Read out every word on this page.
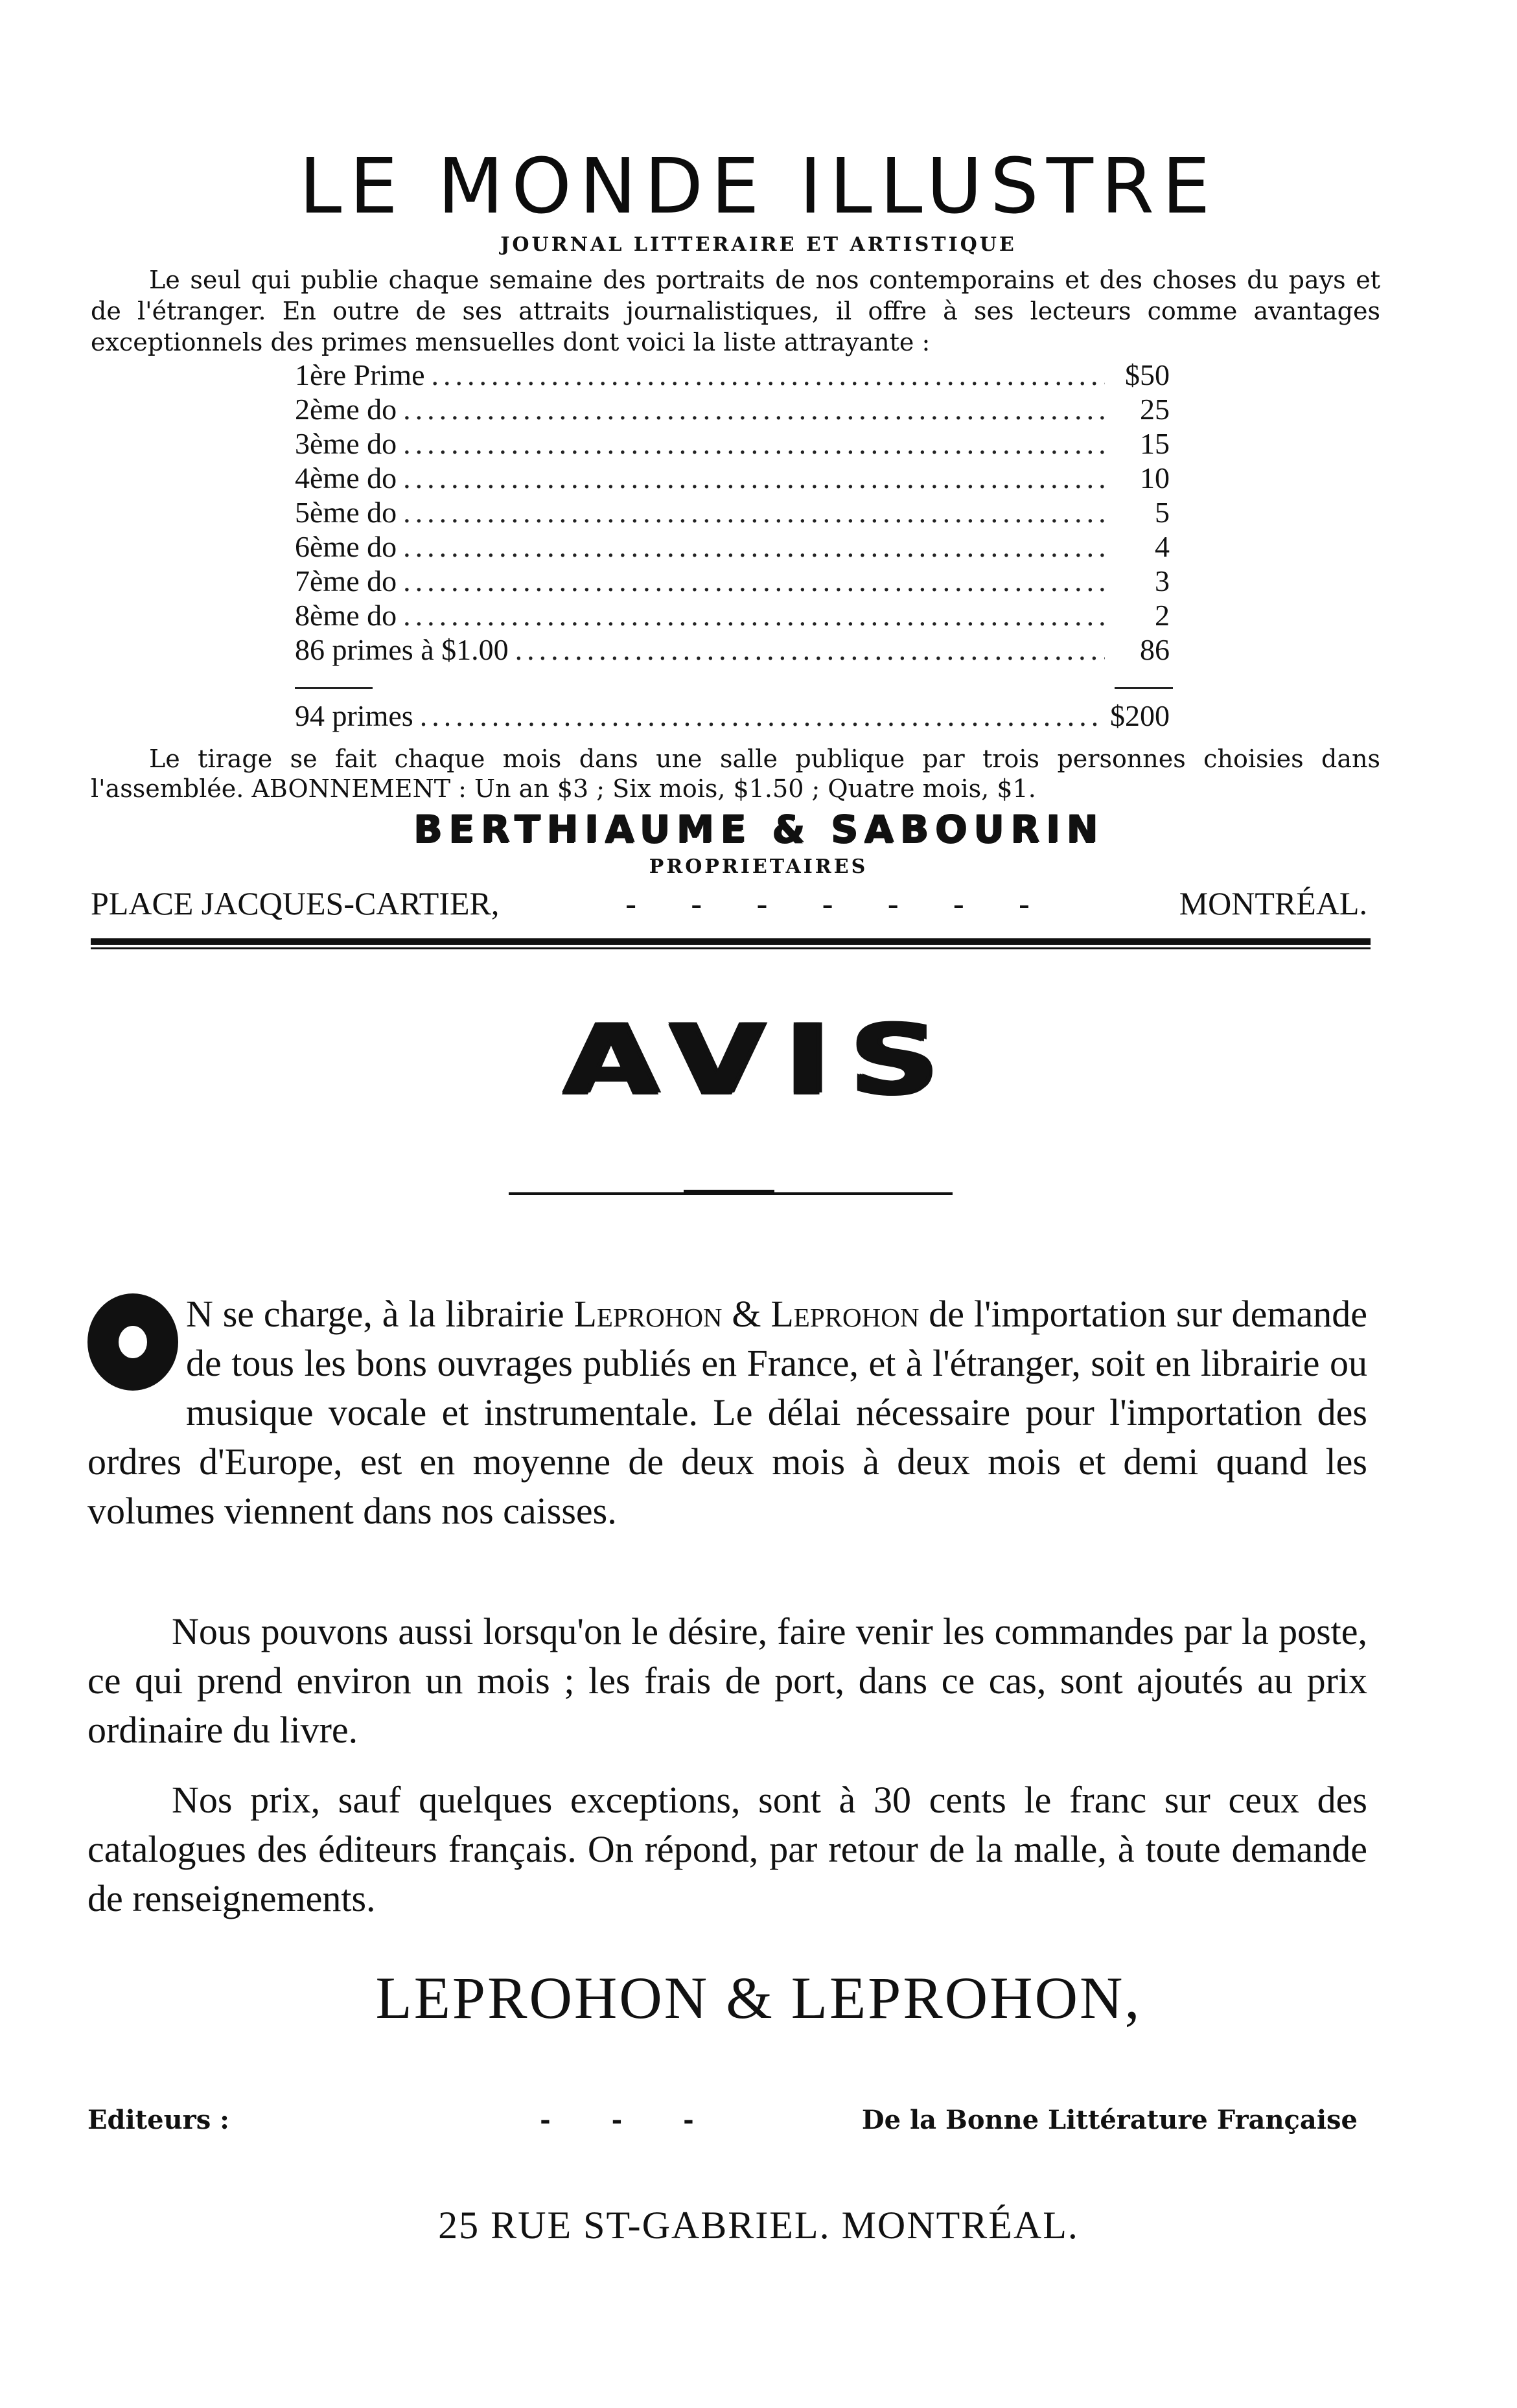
LE MONDE ILLUSTRE
JOURNAL LITTERAIRE ET ARTISTIQUE
Le seul qui publie chaque semaine des portraits de nos contemporains et des choses du pays et de l'étranger. En outre de ses attraits journalistiques, il offre à ses lecteurs comme avantages exceptionnels des primes mensuelles dont voici la liste attrayante :
1ère Prime .....	$50
2ème do .....	25
3ème do .....	15
4ème do .....	10
5ème do .....	5
6ème do .....	4
7ème do .....	3
8ème do .....	2
86 primes à $1.00 .....	86
94 primes .....	$200
Le tirage se fait chaque mois dans une salle publique par trois personnes choisies dans l'assemblée. ABONNEMENT : Un an $3 ; Six mois, $1.50 ; Quatre mois, $1.
BERTHIAUME & SABOURIN
PROPRIETAIRES
PLACE JACQUES-CARTIER,	- - - - - - -	MONTRÉAL.
AVIS
N se charge, à la librairie Leprohon & Leprohon de l'importation sur demande de tous les bons ouvrages publiés en France, et à l'étranger, soit en librairie ou musique vocale et instrumentale. Le délai nécessaire pour l'importation des ordres d'Europe, est en moyenne de deux mois à deux mois et demi quand les volumes viennent dans nos caisses.
Nous pouvons aussi lorsqu'on le désire, faire venir les commandes par la poste, ce qui prend environ un mois ; les frais de port, dans ce cas, sont ajoutés au prix ordinaire du livre.
Nos prix, sauf quelques exceptions, sont à 30 cents le franc sur ceux des catalogues des éditeurs français. On répond, par retour de la malle, à toute demande de renseignements.
LEPROHON & LEPROHON,
Editeurs :	- - -	De la Bonne Littérature Française
25 RUE ST-GABRIEL. MONTRÉAL.
